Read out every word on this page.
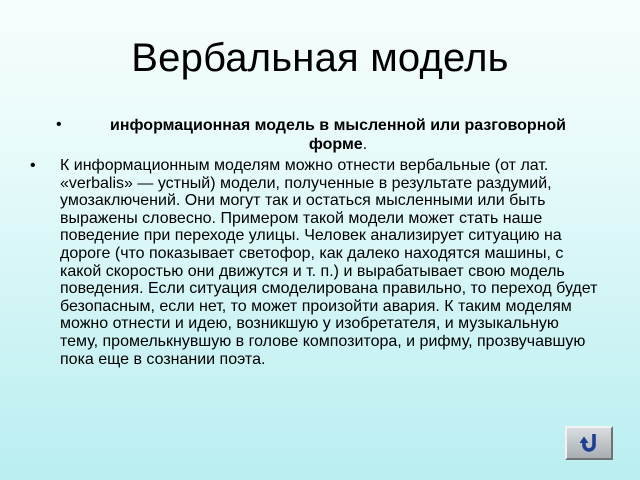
Вербальная модель
•	информационная модель в мысленной или разговорной форме.
• К информационным моделям можно отнести вербальные (от лат. «verbalis» — устный) модели, полученные в результате раздумий, умозаключений. Они могут так и остаться мысленными или быть выражены словесно. Примером такой модели может стать наше поведение при переходе улицы. Человек анализирует ситуацию на дороге (что показывает светофор, как далеко находятся машины, с какой скоростью они движутся и т. п.) и вырабатывает свою модель поведения. Если ситуация смоделирована правильно, то переход будет безопасным, если нет, то может произойти авария. К таким моделям можно отнести и идею, возникшую у изобретателя, и музыкальную тему, промелькнувшую в голове композитора, и рифму, прозвучавшую пока еще в сознании поэта.
